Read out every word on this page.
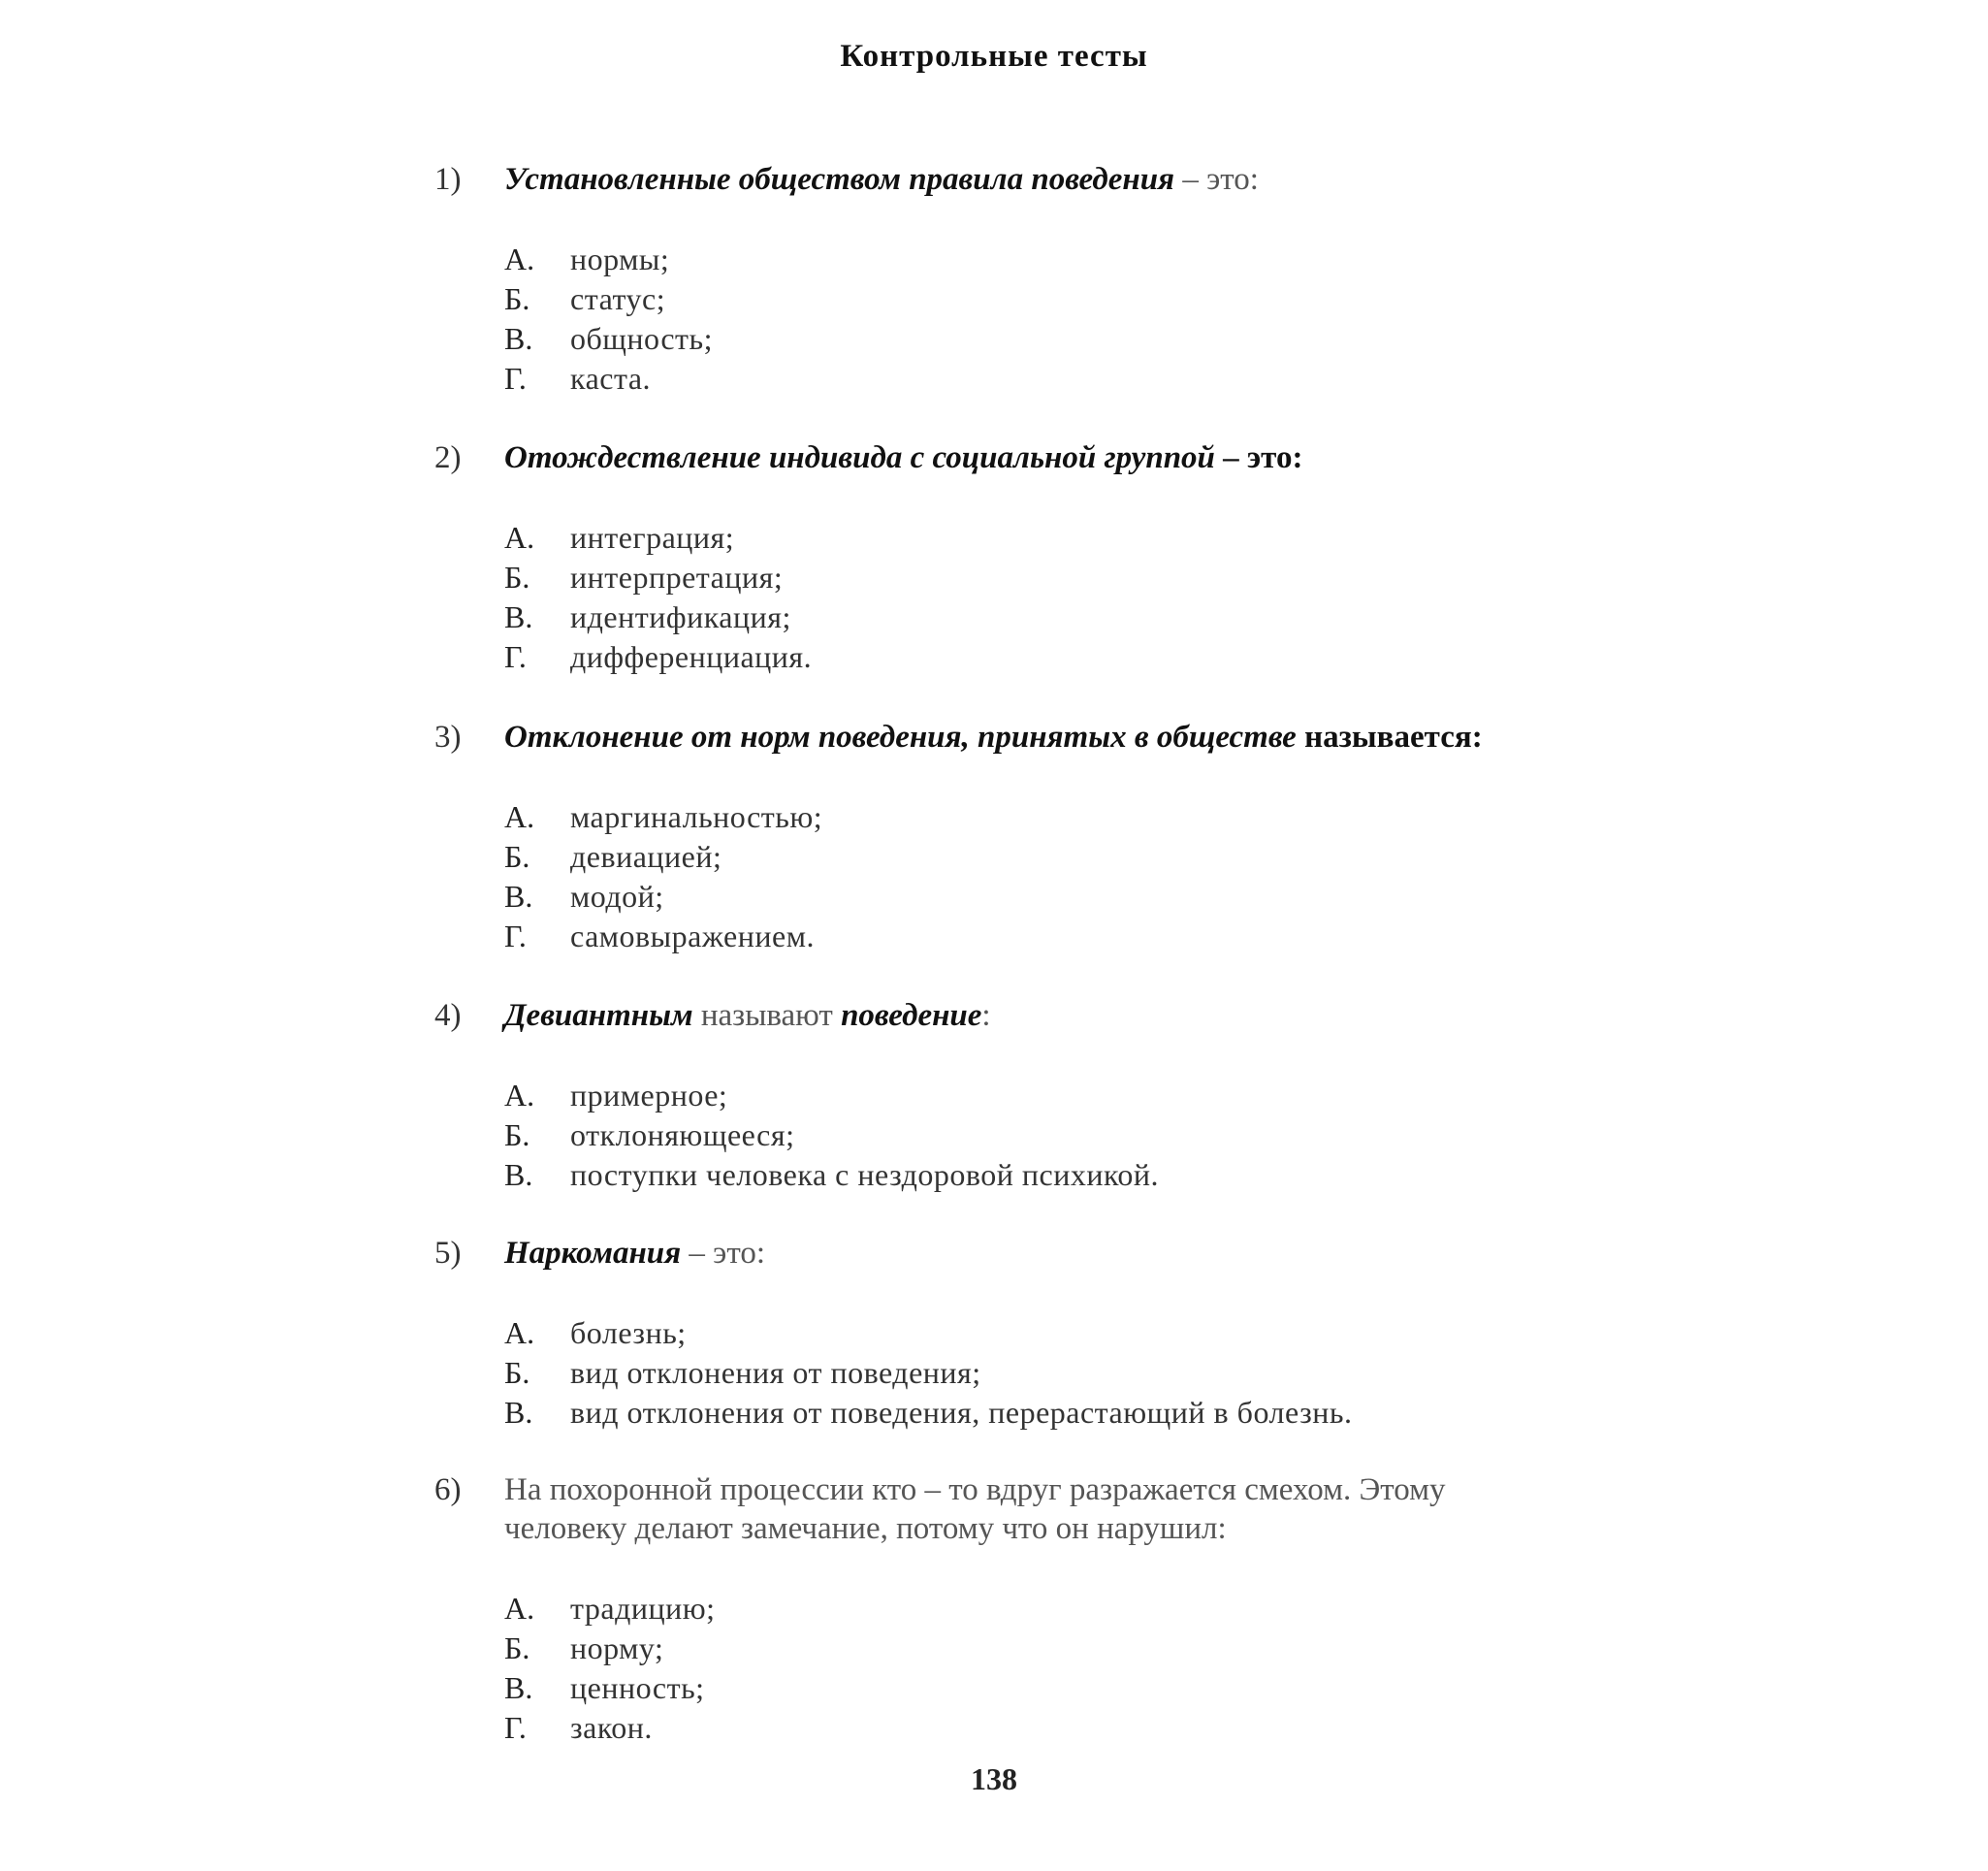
Контрольные тесты
1) Установленные обществом правила поведения – это:
А. нормы;
Б. статус;
В. общность;
Г. каста.
2) Отождествление индивида с социальной группой – это:
А. интеграция;
Б. интерпретация;
В. идентификация;
Г. дифференциация.
3) Отклонение от норм поведения, принятых в обществе называется:
А. маргинальностью;
Б. девиацией;
В. модой;
Г. самовыражением.
4) Девиантным называют поведение:
А. примерное;
Б. отклоняющееся;
В. поступки человека с нездоровой психикой.
5) Наркомания – это:
А. болезнь;
Б. вид отклонения от поведения;
В. вид отклонения от поведения, перерастающий в болезнь.
6) На похоронной процессии кто – то вдруг разражается смехом. Этому человеку делают замечание, потому что он нарушил:
А. традицию;
Б. норму;
В. ценность;
Г. закон.
138
